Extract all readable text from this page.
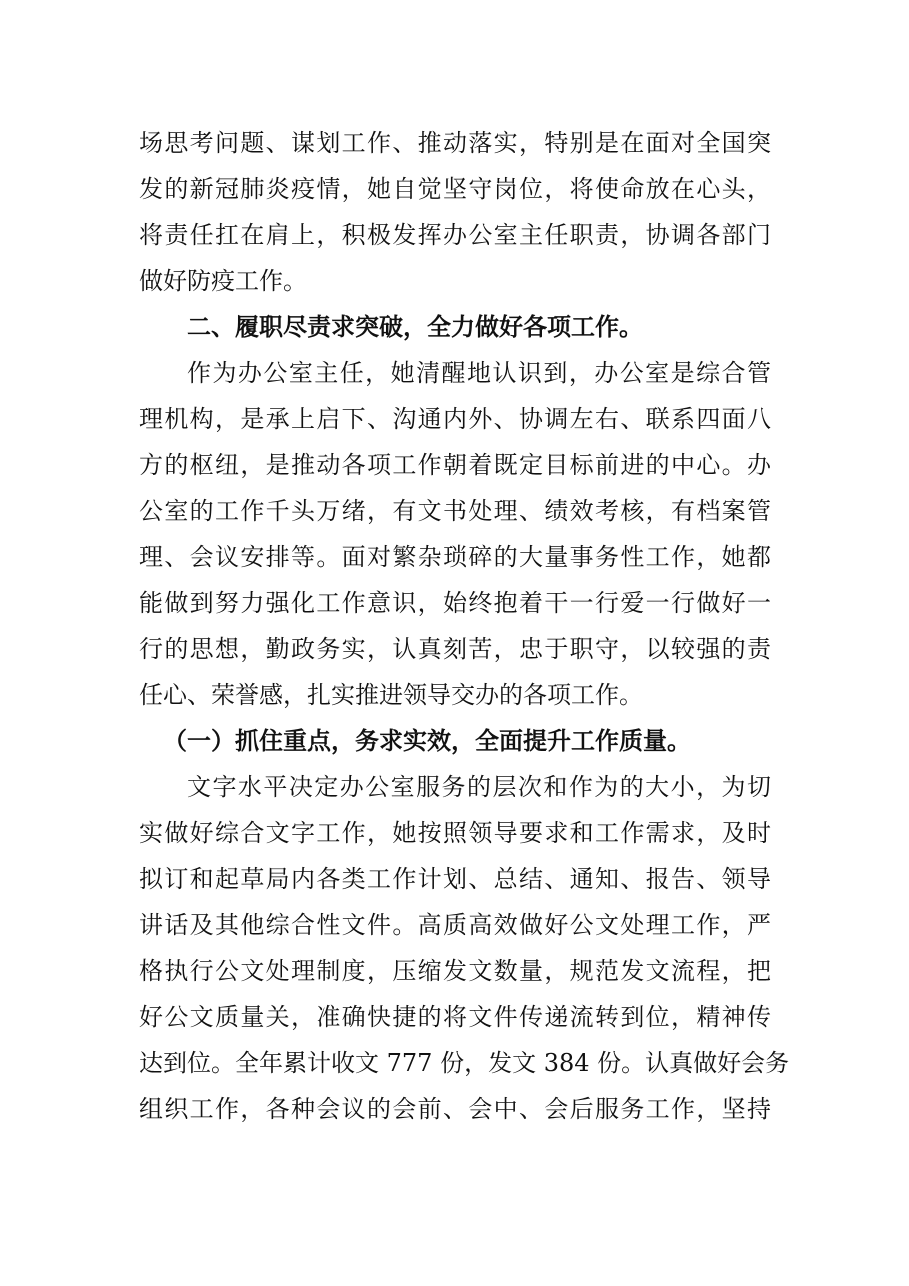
场思考问题、谋划工作、推动落实，特别是在面对全国突
发的新冠肺炎疫情，她自觉坚守岗位，将使命放在心头，
将责任扛在肩上，积极发挥办公室主任职责，协调各部门
做好防疫工作。
二、履职尽责求突破，全力做好各项工作。
作为办公室主任，她清醒地认识到，办公室是综合管
理机构，是承上启下、沟通内外、协调左右、联系四面八
方的枢纽，是推动各项工作朝着既定目标前进的中心。办
公室的工作千头万绪，有文书处理、绩效考核，有档案管
理、会议安排等。面对繁杂琐碎的大量事务性工作，她都
能做到努力强化工作意识，始终抱着干一行爱一行做好一
行的思想，勤政务实，认真刻苦，忠于职守，以较强的责
任心、荣誉感，扎实推进领导交办的各项工作。
（一）抓住重点，务求实效，全面提升工作质量。
文字水平决定办公室服务的层次和作为的大小，为切
实做好综合文字工作，她按照领导要求和工作需求，及时
拟订和起草局内各类工作计划、总结、通知、报告、领导
讲话及其他综合性文件。高质高效做好公文处理工作，严
格执行公文处理制度，压缩发文数量，规范发文流程，把
好公文质量关，准确快捷的将文件传递流转到位，精神传
达到位。全年累计收文 777 份，发文 384 份。认真做好会务
组织工作，各种会议的会前、会中、会后服务工作，坚持
